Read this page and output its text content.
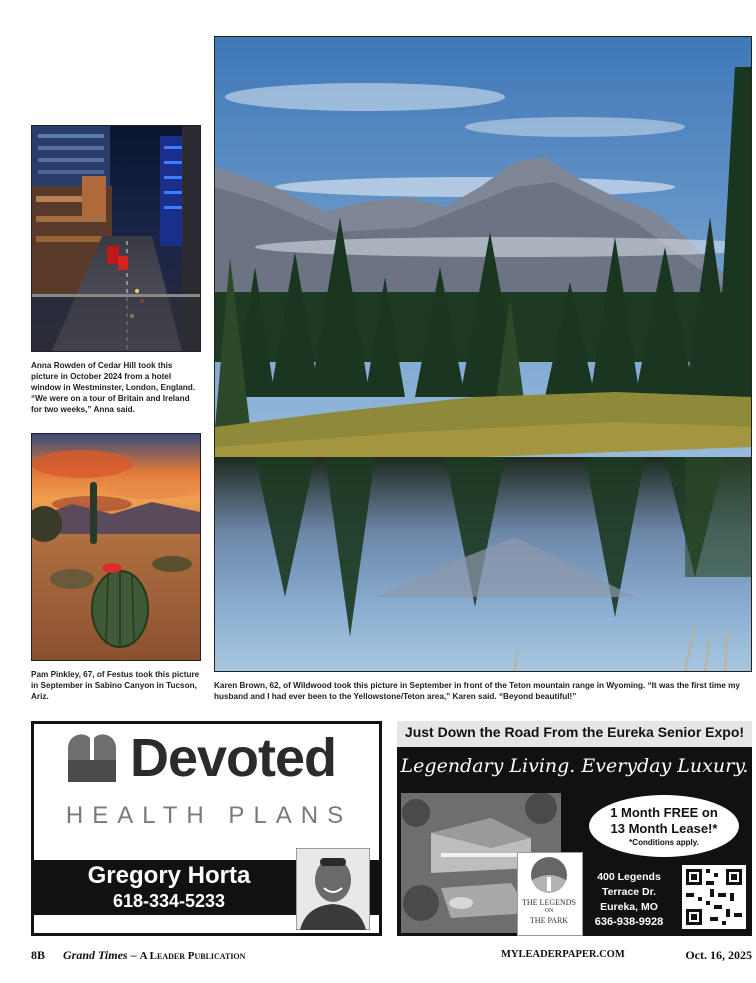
Anna Rowden of Cedar Hill took this picture in October 2024 from a hotel window in Westminster, London, England. “We were on a tour of Britain and Ireland for two weeks,” Anna said.
Pam Pinkley, 67, of Festus took this picture in September in Sabino Canyon in Tucson, Ariz.
Karen Brown, 62, of Wildwood took this picture in September in front of the Teton mountain range in Wyoming. “It was the first time my husband and I had ever been to the Yellowstone/Teton area,” Karen said. “Beyond beautiful!”
Devoted
HEALTH PLANS
Gregory Horta
618-334-5233
Just Down the Road From the Eureka Senior Expo!
Legendary Living. Everyday Luxury.
1 Month FREE on
13 Month Lease!*
*Conditions apply.
THE LEGENDS
ON
THE PARK
400 Legends
Terrace Dr.
Eureka, MO
636-938-9928
8B Grand Times – A Leader Publication	MYLEADERPAPER.COM	Oct. 16, 2025
